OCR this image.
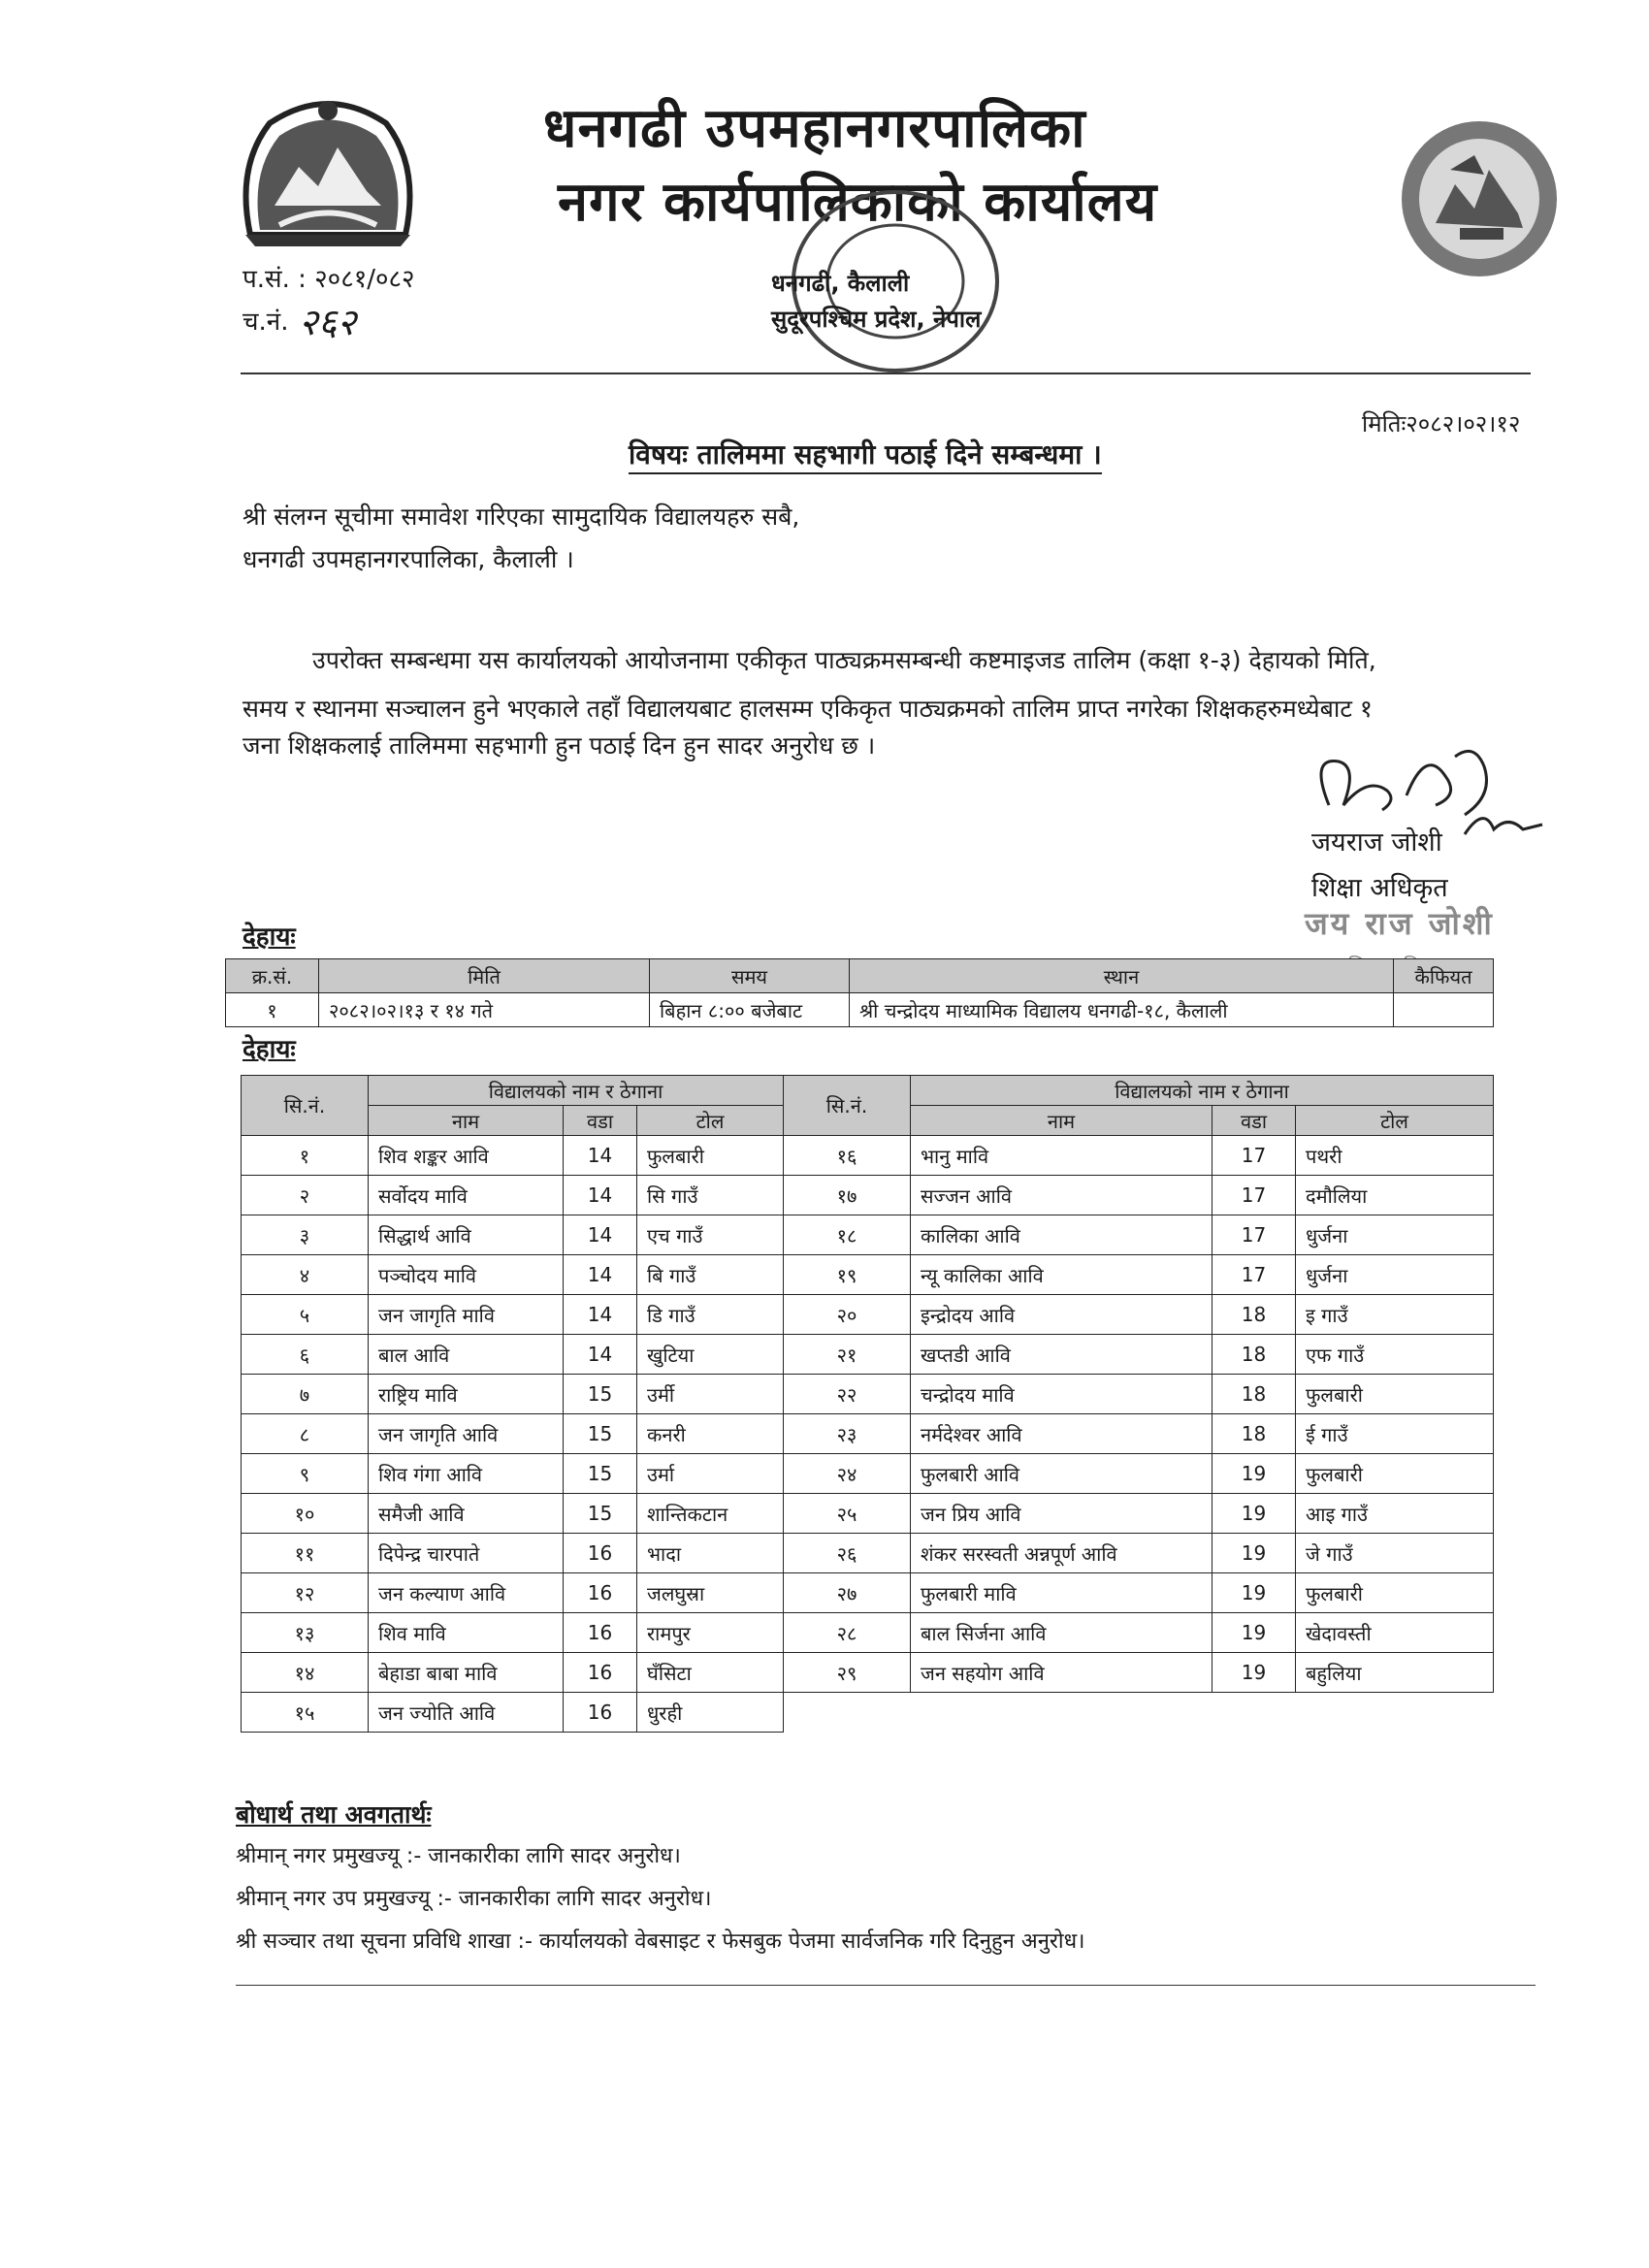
धनगढी उपमहानगरपालिका
नगर कार्यपालिकाको कार्यालय
धनगढी, कैलाली
सुदूरपश्चिम प्रदेश, नेपाल
प.सं. : २०८१/०८२
च.नं. २६२
मितिः२०८२।०२।१२
विषयः तालिममा सहभागी पठाई दिने सम्बन्धमा ।
श्री संलग्न सूचीमा समावेश गरिएका सामुदायिक विद्यालयहरु सबै,
धनगढी उपमहानगरपालिका, कैलाली ।
उपरोक्त सम्बन्धमा यस कार्यालयको आयोजनामा एकीकृत पाठ्यक्रमसम्बन्धी कष्टमाइजड तालिम (कक्षा १-३) देहायको मिति,
समय र स्थानमा सञ्चालन हुने भएकाले तहाँ विद्यालयबाट हालसम्म एकिकृत पाठ्यक्रमको तालिम प्राप्त नगरेका शिक्षकहरुमध्येबाट १
जना शिक्षकलाई तालिममा सहभागी हुन पठाई दिन हुन सादर अनुरोध छ ।
जयराज जोशी
शिक्षा अधिकृत
जय राज जोशी
देहायः
क्र.सं.	मिति	समय	स्थान	कैफियत
१	२०८२।०२।१३ र १४ गते	बिहान ८:०० बजेबाट	श्री चन्द्रोदय माध्यामिक विद्यालय धनगढी-१८, कैलाली	
देहायः
सि.नं.	विद्यालयको नाम र ठेगाना			सि.नं.	विद्यालयको नाम र ठेगाना		
	नाम	वडा	टोल		नाम	वडा	टोल
१	शिव शङ्कर आवि	14	फुलबारी	१६	भानु मावि	17	पथरी
२	सर्वोदय मावि	14	सि गाउँ	१७	सज्जन आवि	17	दमौलिया
३	सिद्धार्थ आवि	14	एच गाउँ	१८	कालिका आवि	17	धुर्जना
४	पञ्चोदय मावि	14	बि गाउँ	१९	न्यू कालिका आवि	17	धुर्जना
५	जन जागृति मावि	14	डि गाउँ	२०	इन्द्रोदय आवि	18	इ गाउँ
६	बाल आवि	14	खुटिया	२१	खप्तडी आवि	18	एफ गाउँ
७	राष्ट्रिय मावि	15	उर्मी	२२	चन्द्रोदय मावि	18	फुलबारी
८	जन जागृति आवि	15	कनरी	२३	नर्मदेश्वर आवि	18	ई गाउँ
९	शिव गंगा आवि	15	उर्मा	२४	फुलबारी आवि	19	फुलबारी
१०	समैजी आवि	15	शान्तिकटान	२५	जन प्रिय आवि	19	आइ गाउँ
११	दिपेन्द्र चारपाते	16	भादा	२६	शंकर सरस्वती अन्नपूर्ण आवि	19	जे गाउँ
१२	जन कल्याण आवि	16	जलघुस्रा	२७	फुलबारी मावि	19	फुलबारी
१३	शिव मावि	16	रामपुर	२८	बाल सिर्जना आवि	19	खेदावस्ती
१४	बेहाडा बाबा मावि	16	घँसिटा	२९	जन सहयोग आवि	19	बहुलिया
१५	जन ज्योति आवि	16	धुरही				
बोधार्थ तथा अवगतार्थः
श्रीमान् नगर प्रमुखज्यू :- जानकारीका लागि सादर अनुरोध।
श्रीमान् नगर उप प्रमुखज्यू :- जानकारीका लागि सादर अनुरोध।
श्री सञ्चार तथा सूचना प्रविधि शाखा :- कार्यालयको वेबसाइट र फेसबुक पेजमा सार्वजनिक गरि दिनुहुन अनुरोध।
